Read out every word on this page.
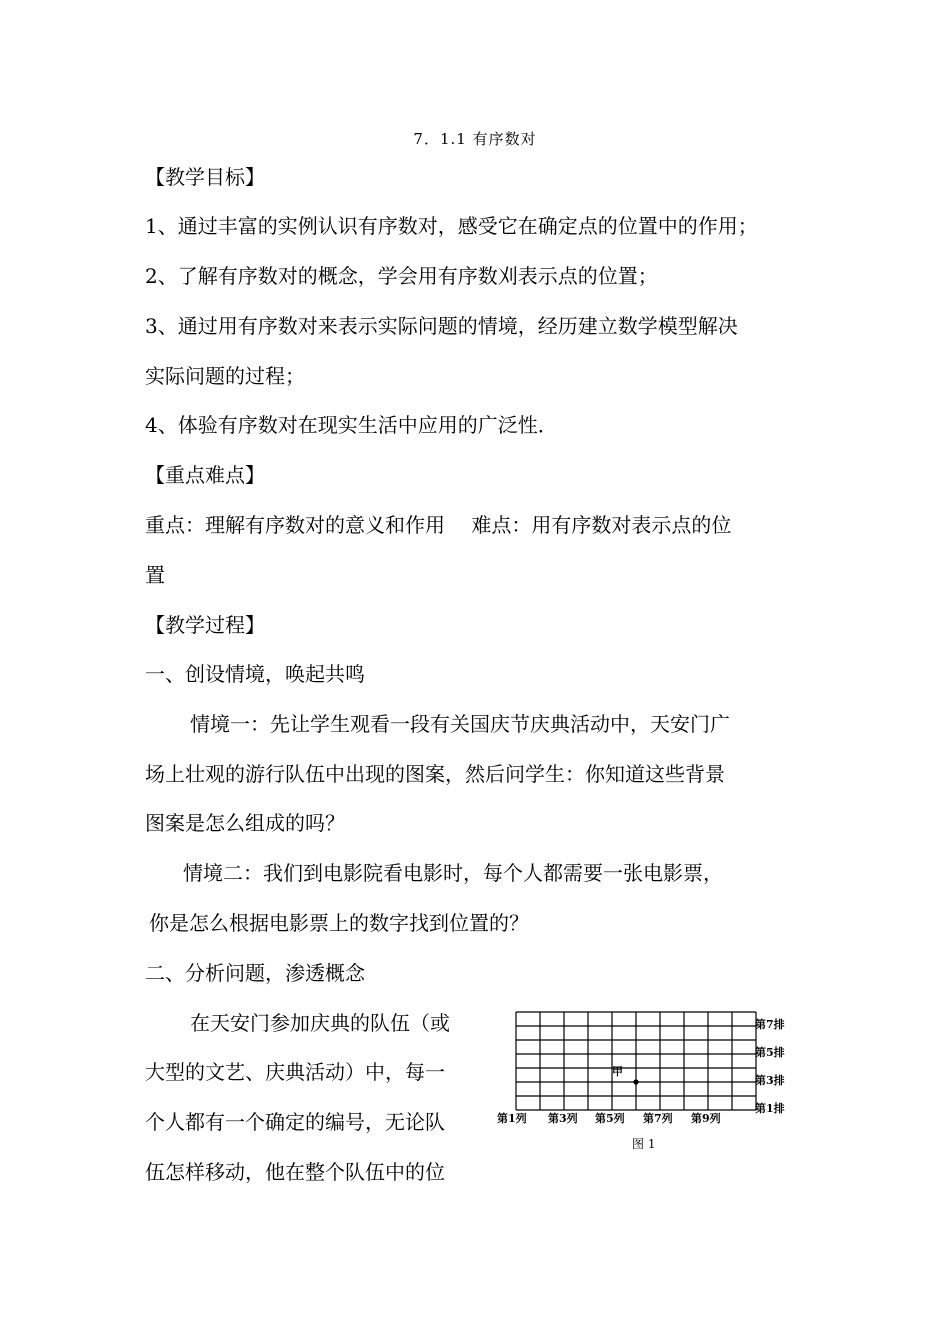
7．1.1 有序数对
【教学目标】
1、通过丰富的实例认识有序数对，感受它在确定点的位置中的作用；
2、了解有序数对的概念，学会用有序数刈表示点的位置；
3、通过用有序数对来表示实际问题的情境，经历建立数学模型解决
实际问题的过程；
4、体验有序数对在现实生活中应用的广泛性．
【重点难点】
重点：理解有序数对的意义和作用　 难点：用有序数对表示点的位
置
【教学过程】
一、创设情境，唤起共鸣
情境一：先让学生观看一段有关国庆节庆典活动中，天安门广
场上壮观的游行队伍中出现的图案，然后问学生：你知道这些背景
图案是怎么组成的吗？
情境二：我们到电影院看电影时，每个人都需要一张电影票，
你是怎么根据电影票上的数字找到位置的？
二、分析问题，渗透概念
在天安门参加庆典的队伍（或
大型的文艺、庆典活动）中，每一
个人都有一个确定的编号，无论队
伍怎样移动，他在整个队伍中的位
第7排
第5排
第3排
第1排
第1列 第3列 第5列 第7列 第9列
甲
图 1
